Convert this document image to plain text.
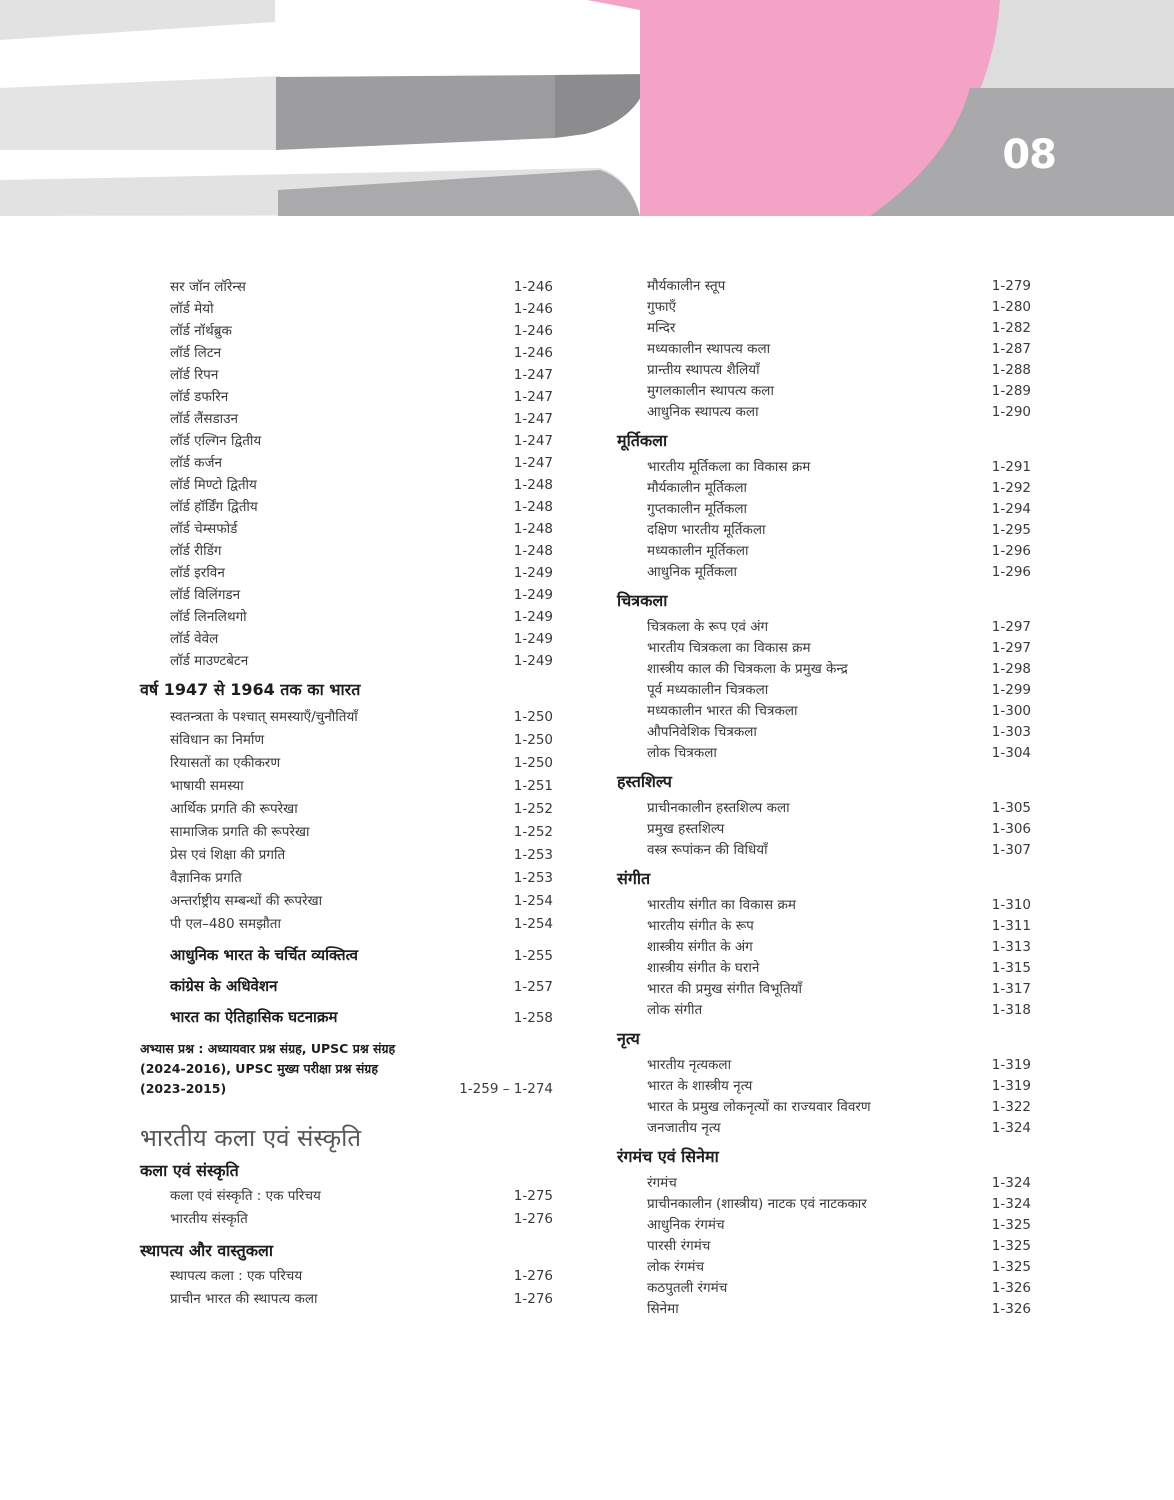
08
सर जॉन लॉरेन्स	1-246
लॉर्ड मेयो	1-246
लॉर्ड नॉर्थब्रुक	1-246
लॉर्ड लिटन	1-246
लॉर्ड रिपन	1-247
लॉर्ड डफरिन	1-247
लॉर्ड लैंसडाउन	1-247
लॉर्ड एल्गिन द्वितीय	1-247
लॉर्ड कर्जन	1-247
लॉर्ड मिण्टो द्वितीय	1-248
लॉर्ड हॉर्डिंग द्वितीय	1-248
लॉर्ड चेम्सफोर्ड	1-248
लॉर्ड रीडिंग	1-248
लॉर्ड इरविन	1-249
लॉर्ड विलिंगडन	1-249
लॉर्ड लिनलिथगो	1-249
लॉर्ड वेवेल	1-249
लॉर्ड माउण्टबेटन	1-249
वर्ष 1947 से 1964 तक का भारत
स्वतन्त्रता के पश्चात् समस्याएँ/चुनौतियाँ	1-250
संविधान का निर्माण	1-250
रियासतों का एकीकरण	1-250
भाषायी समस्या	1-251
आर्थिक प्रगति की रूपरेखा	1-252
सामाजिक प्रगति की रूपरेखा	1-252
प्रेस एवं शिक्षा की प्रगति	1-253
वैज्ञानिक प्रगति	1-253
अन्तर्राष्ट्रीय सम्बन्धों की रूपरेखा	1-254
पी एल–480 समझौता	1-254
आधुनिक भारत के चर्चित व्यक्तित्व	1-255
कांग्रेस के अधिवेशन	1-257
भारत का ऐतिहासिक घटनाक्रम	1-258
अभ्यास प्रश्न : अध्यायवार प्रश्न संग्रह, UPSC प्रश्न संग्रह (2024-2016), UPSC मुख्य परीक्षा प्रश्न संग्रह (2023-2015)	1-259 – 1-274
भारतीय कला एवं संस्कृति
कला एवं संस्कृति
कला एवं संस्कृति : एक परिचय	1-275
भारतीय संस्कृति	1-276
स्थापत्य और वास्तुकला
स्थापत्य कला : एक परिचय	1-276
प्राचीन भारत की स्थापत्य कला	1-276
मौर्यकालीन स्तूप	1-279
गुफाएँ	1-280
मन्दिर	1-282
मध्यकालीन स्थापत्य कला	1-287
प्रान्तीय स्थापत्य शैलियाँ	1-288
मुगलकालीन स्थापत्य कला	1-289
आधुनिक स्थापत्य कला	1-290
मूर्तिकला
भारतीय मूर्तिकला का विकास क्रम	1-291
मौर्यकालीन मूर्तिकला	1-292
गुप्तकालीन मूर्तिकला	1-294
दक्षिण भारतीय मूर्तिकला	1-295
मध्यकालीन मूर्तिकला	1-296
आधुनिक मूर्तिकला	1-296
चित्रकला
चित्रकला के रूप एवं अंग	1-297
भारतीय चित्रकला का विकास क्रम	1-297
शास्त्रीय काल की चित्रकला के प्रमुख केन्द्र	1-298
पूर्व मध्यकालीन चित्रकला	1-299
मध्यकालीन भारत की चित्रकला	1-300
औपनिवेशिक चित्रकला	1-303
लोक चित्रकला	1-304
हस्तशिल्प
प्राचीनकालीन हस्तशिल्प कला	1-305
प्रमुख हस्तशिल्प	1-306
वस्त्र रूपांकन की विधियाँ	1-307
संगीत
भारतीय संगीत का विकास क्रम	1-310
भारतीय संगीत के रूप	1-311
शास्त्रीय संगीत के अंग	1-313
शास्त्रीय संगीत के घराने	1-315
भारत की प्रमुख संगीत विभूतियाँ	1-317
लोक संगीत	1-318
नृत्य
भारतीय नृत्यकला	1-319
भारत के शास्त्रीय नृत्य	1-319
भारत के प्रमुख लोकनृत्यों का राज्यवार विवरण	1-322
जनजातीय नृत्य	1-324
रंगमंच एवं सिनेमा
रंगमंच	1-324
प्राचीनकालीन (शास्त्रीय) नाटक एवं नाटककार	1-324
आधुनिक रंगमंच	1-325
पारसी रंगमंच	1-325
लोक रंगमंच	1-325
कठपुतली रंगमंच	1-326
सिनेमा	1-326
